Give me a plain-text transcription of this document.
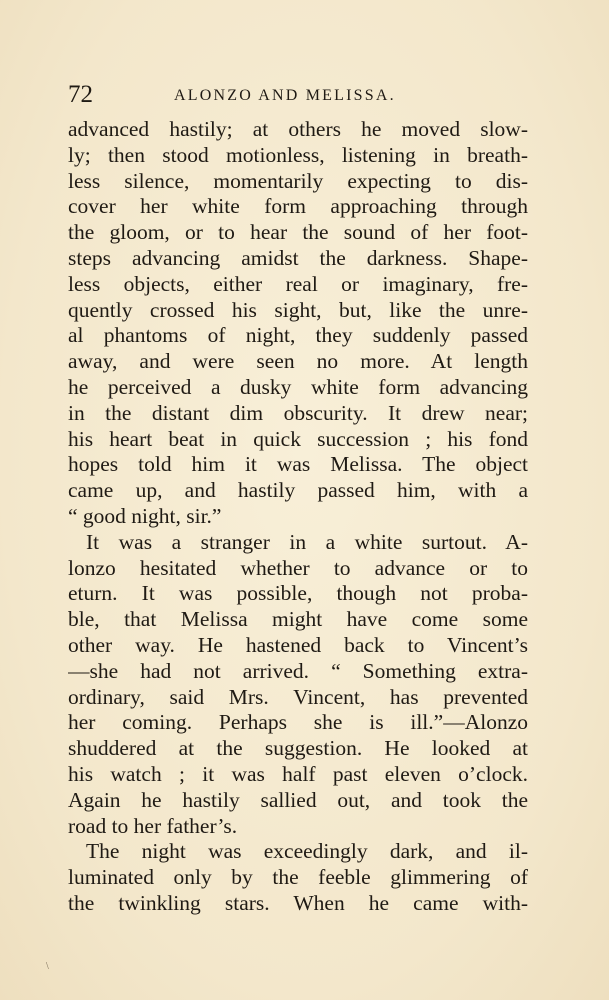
72	ALONZO AND MELISSA.
advanced hastily; at others he moved slow-
ly; then stood motionless, listening in breath-
less silence, momentarily expecting to dis-
cover her white form approaching through
the gloom, or to hear the sound of her foot-
steps advancing amidst the darkness. Shape-
less objects, either real or imaginary, fre-
quently crossed his sight, but, like the unre-
al phantoms of night, they suddenly passed
away, and were seen no more. At length
he perceived a dusky white form advancing
in the distant dim obscurity. It drew near;
his heart beat in quick succession ; his fond
hopes told him it was Melissa. The object
came up, and hastily passed him, with a
“ good night, sir.”
It was a stranger in a white surtout. A-
lonzo hesitated whether to advance or to
eturn. It was possible, though not proba-
ble, that Melissa might have come some
other way. He hastened back to Vincent’s
—she had not arrived. “ Something extra-
ordinary, said Mrs. Vincent, has prevented
her coming. Perhaps she is ill.”—Alonzo
shuddered at the suggestion. He looked at
his watch ; it was half past eleven o’clock.
Again he hastily sallied out, and took the
road to her father’s.
The night was exceedingly dark, and il-
luminated only by the feeble glimmering of
the twinkling stars. When he came with-
\
